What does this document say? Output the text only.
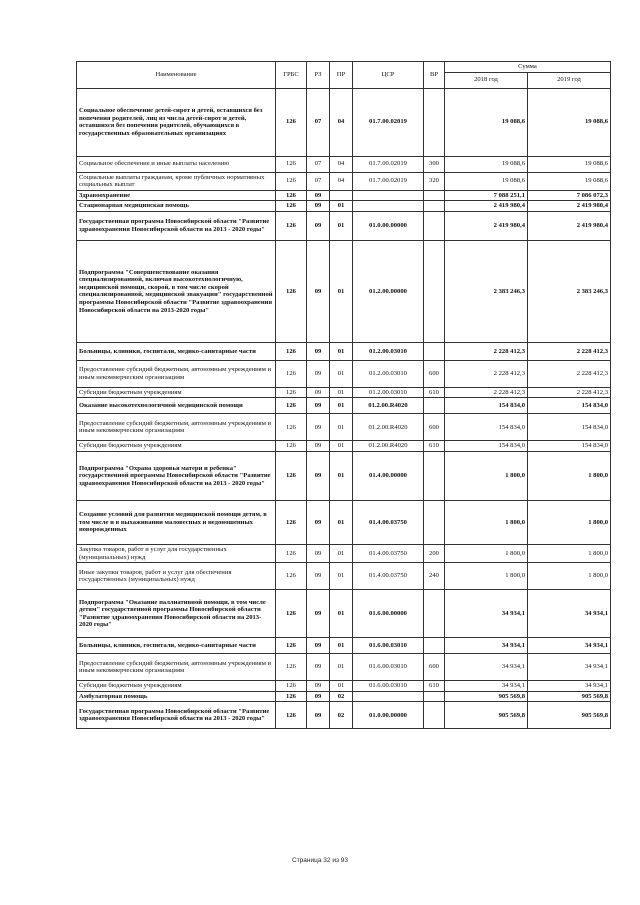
Наименование	ГРБС	РЗ	ПР	ЦСР	ВР	Сумма	
						2018 год	2019 год
Социальное обеспечение детей-сирот и детей, оставшихся без попечения родителей, лиц из числа детей-сирот и детей, оставшихся без попечения родителей, обучающихся в государственных образовательных организациях	126	07	04	01.7.00.02019		19 088,6	19 088,6
Социальное обеспечение и иные выплаты населению	126	07	04	01.7.00.02019	300	19 088,6	19 088,6
Социальные выплаты гражданам, кроме публичных нормативных социальных выплат	126	07	04	01.7.00.02019	320	19 088,6	19 088,6
Здравоохранение	126	09				7 088 251,1	7 086 072,3
Стационарная медицинская помощь	126	09	01			2 419 980,4	2 419 980,4
Государственная программа Новосибирской области "Развитие здравоохранения Новосибирской области на 2013 - 2020 годы"	126	09	01	01.0.00.00000		2 419 980,4	2 419 980,4
Подпрограмма "Совершенствование оказания специализированной, включая высокотехнологичную, медицинской помощи, скорой, в том числе скорой специализированной, медицинской эвакуации" государственной программы Новосибирской области "Развитие здравоохранения Новосибирской области на 2013-2020 годы"	126	09	01	01.2.00.00000		2 383 246,3	2 383 246,3
Больницы, клиники, госпитали, медико-санитарные части	126	09	01	01.2.00.03010		2 228 412,3	2 228 412,3
Предоставление субсидий бюджетным, автономным учреждениям и иным некоммерческим организациям	126	09	01	01.2.00.03010	600	2 228 412,3	2 228 412,3
Субсидии бюджетным учреждениям	126	09	01	01.2.00.03010	610	2 228 412,3	2 228 412,3
Оказание высокотехнологичной медицинской помощи	126	09	01	01.2.00.R4020		154 834,0	154 834,0
Предоставление субсидий бюджетным, автономным учреждениям и иным некоммерческим организациям	126	09	01	01.2.00.R4020	600	154 834,0	154 834,0
Субсидии бюджетным учреждениям	126	09	01	01.2.00.R4020	610	154 834,0	154 834,0
Подпрограмма "Охрана здоровья матери и ребенка" государственной программы Новосибирской области "Развитие здравоохранения Новосибирской области на 2013 - 2020 годы"	126	09	01	01.4.00.00000		1 800,0	1 800,0
Создание условий для развития медицинской помощи детям, в том числе и в выхаживании маловесных и недоношенных новорожденных	126	09	01	01.4.00.03750		1 800,0	1 800,0
Закупка товаров, работ и услуг для государственных (муниципальных) нужд	126	09	01	01.4.00.03750	200	1 800,0	1 800,0
Иные закупки товаров, работ и услуг для обеспечения государственных (муниципальных) нужд	126	09	01	01.4.00.03750	240	1 800,0	1 800,0
Подпрограмма "Оказание паллиативной помощи, в том числе детям" государственной программы Новосибирской области "Развитие здравоохранения Новосибирской области на 2013-2020 годы"	126	09	01	01.6.00.00000		34 934,1	34 934,1
Больницы, клиники, госпитали, медико-санитарные части	126	09	01	01.6.00.03010		34 934,1	34 934,1
Предоставление субсидий бюджетным, автономным учреждениям и иным некоммерческим организациям	126	09	01	01.6.00.03010	600	34 934,1	34 934,1
Субсидии бюджетным учреждениям	126	09	01	01.6.00.03010	610	34 934,1	34 934,1
Амбулаторная помощь	126	09	02			905 569,8	905 569,8
Государственная программа Новосибирской области "Развитие здравоохранения Новосибирской области на 2013 - 2020 годы"	126	09	02	01.0.00.00000		905 569,8	905 569,8
Страница 32 из 93
